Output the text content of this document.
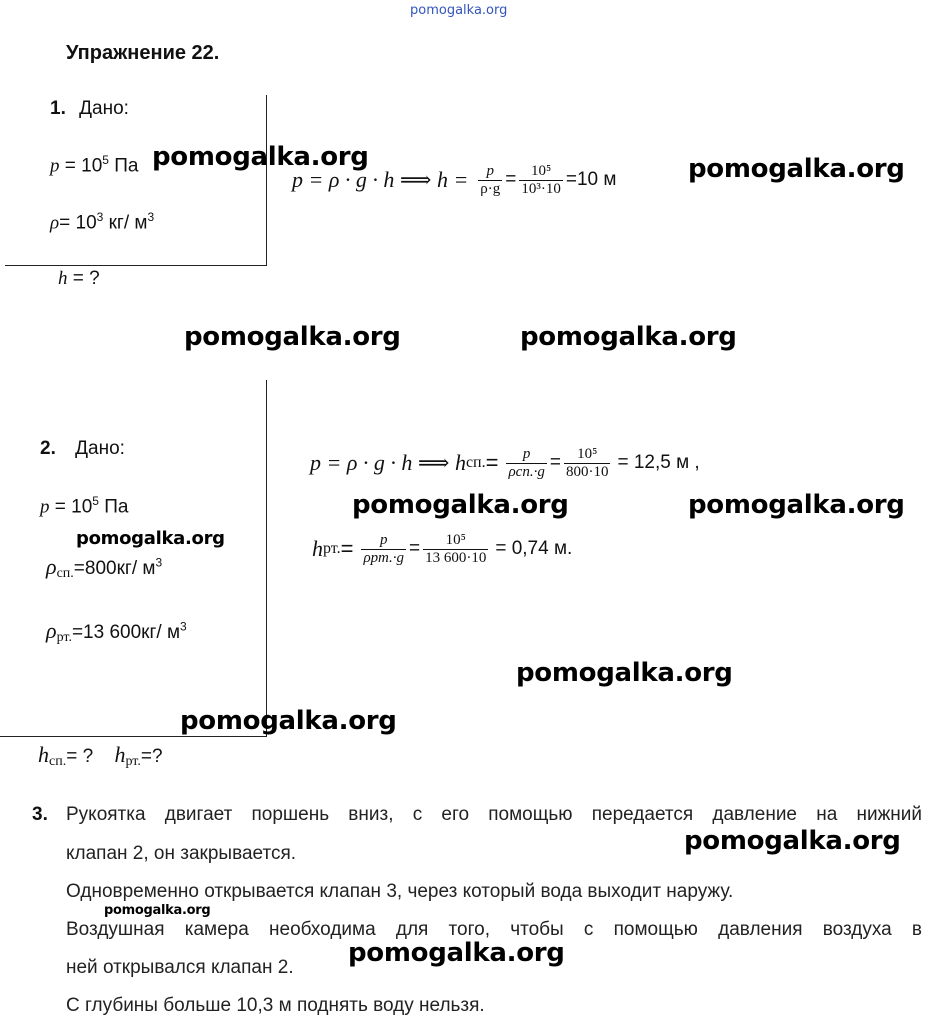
pomogalka.org
Упражнение 22.
1. Дано:
$p = 10^5$ Па
$\rho= 10^3$ кг/ $м^3$
h = ?
p = ρ · g · h ⟹ $h = \frac{p}{\rho\cdot g} = \frac{\text{10⁵}}{\text{10³·10}} =10$ м
pomogalka.org	pomogalka.org
pomogalka.org	pomogalka.org
2. Дано:
$p = 10^5$ Па
pomogalka.org
$\rho_{сп.}=800кг/$ $м^3$
$\rho_{рт.}=13$ 600кг/ $м^3$
$h_{сп.}=$ ? $h_{рт.}=$?
p = ρ · g · h ⟹ h сп. = $\frac{p}{\text{ρсп.·g}} = \frac{\text{10⁵}}{800\cdot 10} = 12,5$ м ,
pomogalka.org	pomogalka.org
h рт. = $\frac{p}{\text{ρрт.·g}} = \frac{\text{10⁵}}{13 600\cdot 10} = 0,74$ м.
pomogalka.org
pomogalka.org
3. Рукоятка двигает поршень вниз, с его помощью передается давление на нижний
клапан 2, он закрывается.
Одновременно открывается клапан 3, через который вода выходит наружу.
Воздушная камера необходима для того, чтобы с помощью давления воздуха в
ней открывался клапан 2.
С глубины больше 10,3 м поднять воду нельзя.
pomogalka.org
pomogalka.org
pomogalka.org
